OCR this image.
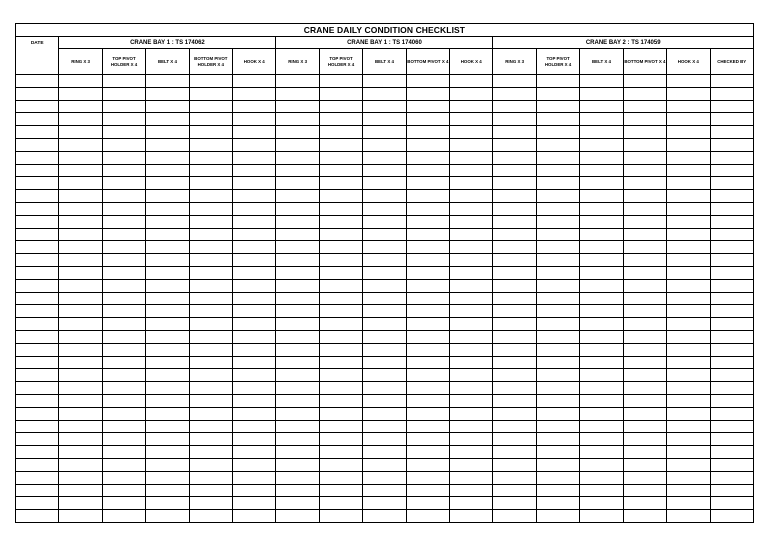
CRANE DAILY CONDITION CHECKLIST																
DATE	CRANE BAY 1 : TS 174062					CRANE BAY 1 : TS 174060					CRANE BAY 2 : TS 174059					
	RING X 3	TOP PIVOT HOLDER X 4	BELT X 4	BOTTOM PIVOT HOLDER X 4	HOOK X 4	RING X 3	TOP PIVOT HOLDER X 4	BELT X 4	BOTTOM PIVOT X 4	HOOK X 4	RING X 3	TOP PIVOT HOLDER X 4	BELT X 4	BOTTOM PIVOT X 4	HOOK X 4	CHECKED BY
